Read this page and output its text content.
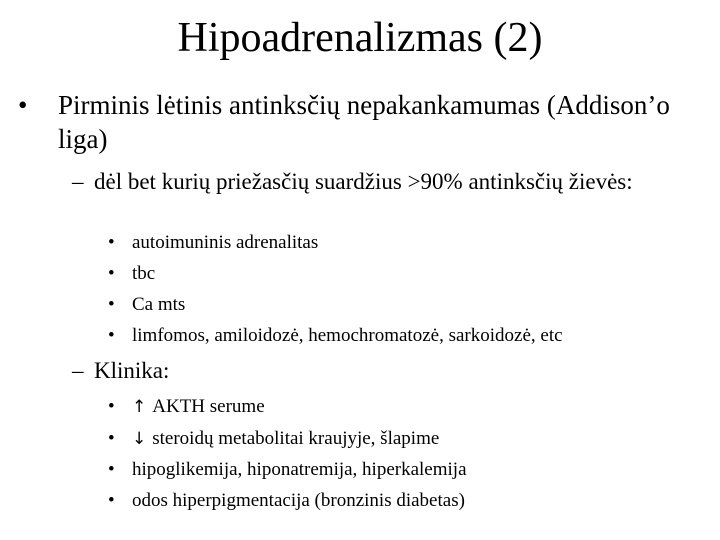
Hipoadrenalizmas (2)
• Pirminis lėtinis antinksčių nepakankamumas (Addison’o liga)
– dėl bet kurių priežasčių suardžius >90% antinksčių žievės:
• autoimuninis adrenalitas
• tbc
• Ca mts
• limfomos, amiloidozė, hemochromatozė, sarkoidozė, etc
– Klinika:
• ↑ AKTH serume
• ↓ steroidų metabolitai kraujyje, šlapime
• hipoglikemija, hiponatremija, hiperkalemija
• odos hiperpigmentacija (bronzinis diabetas)
